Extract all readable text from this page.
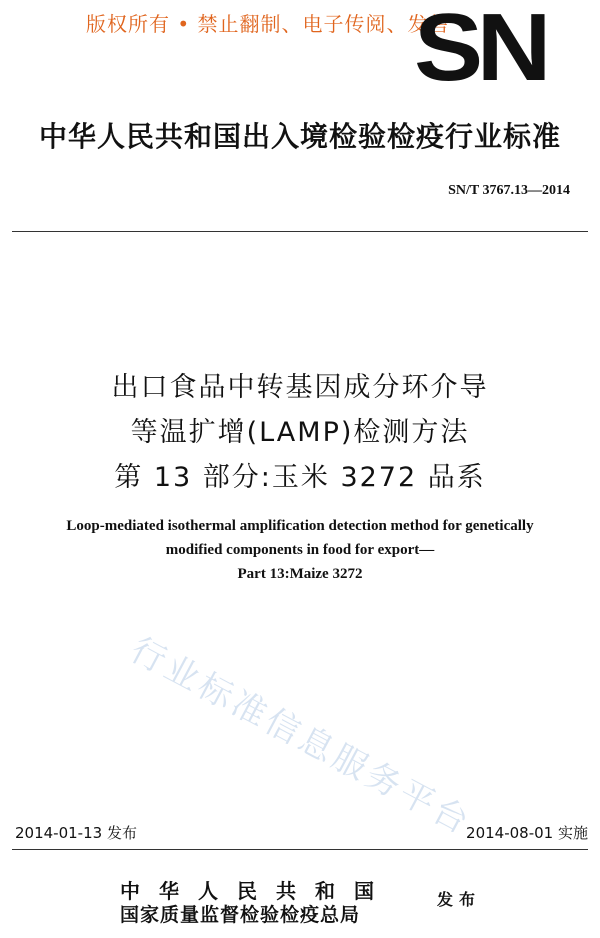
版权所有 • 禁止翻制、电子传阅、发售
SN
中华人民共和国出入境检验检疫行业标准
SN/T 3767.13—2014
行业标准信息服务平台
出口食品中转基因成分环介导
等温扩增(LAMP)检测方法
第 13 部分:玉米 3272 品系
Loop-mediated isothermal amplification detection method for genetically
modified components in food for export—
Part 13:Maize 3272
2014-01-13 发布	2014-08-01 实施
中华人民共和国
国家质量监督检验检疫总局
发布
